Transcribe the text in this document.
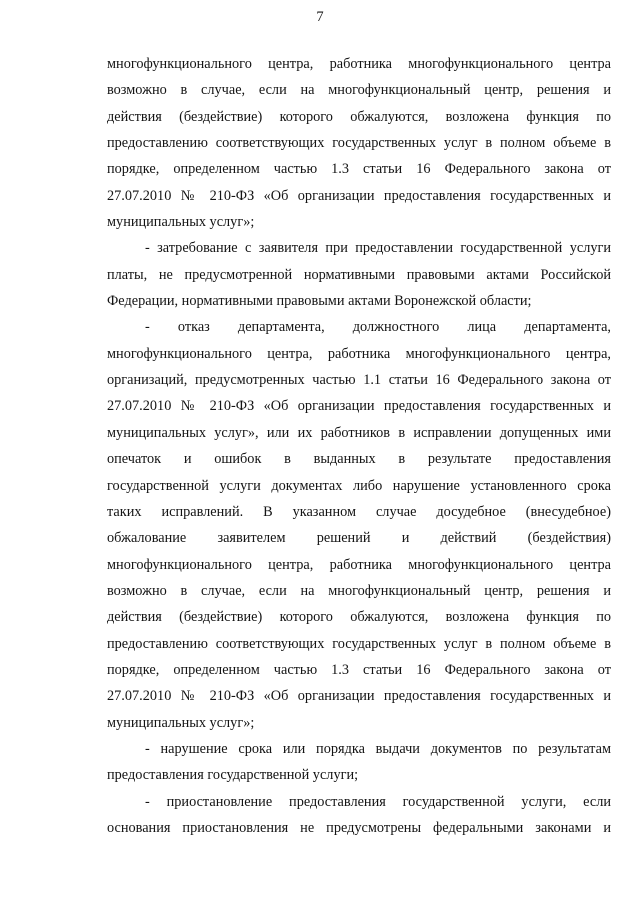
7
многофункционального центра, работника многофункционального центра
возможно в случае, если на многофункциональный центр, решения и
действия (бездействие) которого обжалуются, возложена функция по
предоставлению соответствующих государственных услуг в полном объеме в
порядке, определенном частью 1.3 статьи 16 Федерального закона от
27.07.2010 № 210-ФЗ «Об организации предоставления государственных и
муниципальных услуг»;
- затребование с заявителя при предоставлении государственной услуги
платы, не предусмотренной нормативными правовыми актами Российской
Федерации, нормативными правовыми актами Воронежской области;
- отказ департамента, должностного лица департамента,
многофункционального центра, работника многофункционального центра,
организаций, предусмотренных частью 1.1 статьи 16 Федерального закона от
27.07.2010 № 210-ФЗ «Об организации предоставления государственных и
муниципальных услуг», или их работников в исправлении допущенных ими
опечаток и ошибок в выданных в результате предоставления
государственной услуги документах либо нарушение установленного срока
таких исправлений. В указанном случае досудебное (внесудебное)
обжалование заявителем решений и действий (бездействия)
многофункционального центра, работника многофункционального центра
возможно в случае, если на многофункциональный центр, решения и
действия (бездействие) которого обжалуются, возложена функция по
предоставлению соответствующих государственных услуг в полном объеме в
порядке, определенном частью 1.3 статьи 16 Федерального закона от
27.07.2010 № 210-ФЗ «Об организации предоставления государственных и
муниципальных услуг»;
- нарушение срока или порядка выдачи документов по результатам
предоставления государственной услуги;
- приостановление предоставления государственной услуги, если
основания приостановления не предусмотрены федеральными законами и
